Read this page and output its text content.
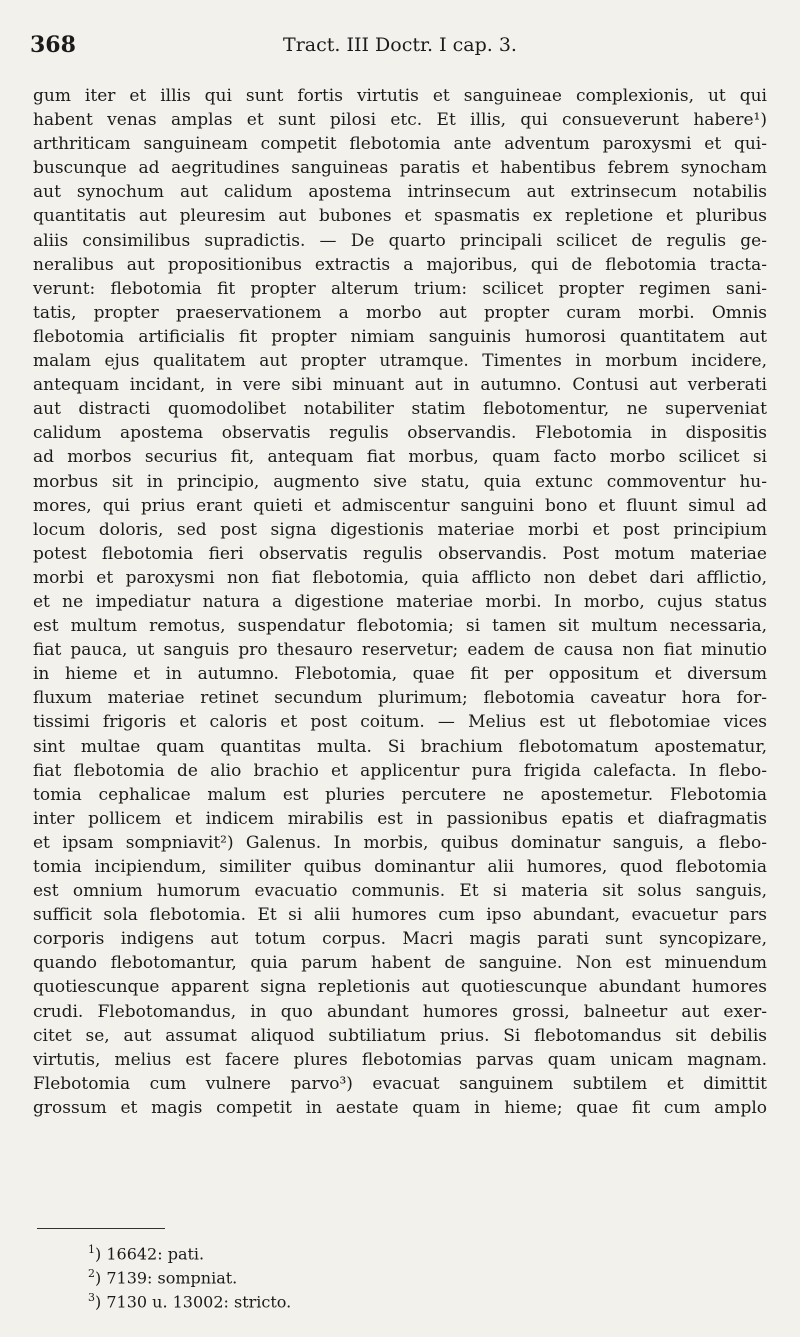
368	Tract. III Doctr. I cap. 3.
gum iter et illis qui sunt fortis virtutis et sanguineae complexionis, ut qui
habent venas amplas et sunt pilosi etc. Et illis, qui consueverunt habere¹)
arthriticam sanguineam competit flebotomia ante adventum paroxysmi et qui-
buscunque ad aegritudines sanguineas paratis et habentibus febrem synocham
aut synochum aut calidum apostema intrinsecum aut extrinsecum notabilis
quantitatis aut pleuresim aut bubones et spasmatis ex repletione et pluribus
aliis consimilibus supradictis. — De quarto principali scilicet de regulis ge-
neralibus aut propositionibus extractis a majoribus, qui de flebotomia tracta-
verunt: flebotomia fit propter alterum trium: scilicet propter regimen sani-
tatis, propter praeservationem a morbo aut propter curam morbi. Omnis
flebotomia artificialis fit propter nimiam sanguinis humorosi quantitatem aut
malam ejus qualitatem aut propter utramque. Timentes in morbum incidere,
antequam incidant, in vere sibi minuant aut in autumno. Contusi aut verberati
aut distracti quomodolibet notabiliter statim flebotomentur, ne superveniat
calidum apostema observatis regulis observandis. Flebotomia in dispositis
ad morbos securius fit, antequam fiat morbus, quam facto morbo scilicet si
morbus sit in principio, augmento sive statu, quia extunc commoventur hu-
mores, qui prius erant quieti et admiscentur sanguini bono et fluunt simul ad
locum doloris, sed post signa digestionis materiae morbi et post principium
potest flebotomia fieri observatis regulis observandis. Post motum materiae
morbi et paroxysmi non fiat flebotomia, quia afflicto non debet dari afflictio,
et ne impediatur natura a digestione materiae morbi. In morbo, cujus status
est multum remotus, suspendatur flebotomia; si tamen sit multum necessaria,
fiat pauca, ut sanguis pro thesauro reservetur; eadem de causa non fiat minutio
in hieme et in autumno. Flebotomia, quae fit per oppositum et diversum
fluxum materiae retinet secundum plurimum; flebotomia caveatur hora for-
tissimi frigoris et caloris et post coitum. — Melius est ut flebotomiae vices
sint multae quam quantitas multa. Si brachium flebotomatum apostematur,
fiat flebotomia de alio brachio et applicentur pura frigida calefacta. In flebo-
tomia cephalicae malum est pluries percutere ne apostemetur. Flebotomia
inter pollicem et indicem mirabilis est in passionibus epatis et diafragmatis
et ipsam sompniavit²) Galenus. In morbis, quibus dominatur sanguis, a flebo-
tomia incipiendum, similiter quibus dominantur alii humores, quod flebotomia
est omnium humorum evacuatio communis. Et si materia sit solus sanguis,
sufficit sola flebotomia. Et si alii humores cum ipso abundant, evacuetur pars
corporis indigens aut totum corpus. Macri magis parati sunt syncopizare,
quando flebotomantur, quia parum habent de sanguine. Non est minuendum
quotiescunque apparent signa repletionis aut quotiescunque abundant humores
crudi. Flebotomandus, in quo abundant humores grossi, balneetur aut exer-
citet se, aut assumat aliquod subtiliatum prius. Si flebotomandus sit debilis
virtutis, melius est facere plures flebotomias parvas quam unicam magnam.
Flebotomia cum vulnere parvo³) evacuat sanguinem subtilem et dimittit
grossum et magis competit in aestate quam in hieme; quae fit cum amplo
$^1$) 16642: pati.
$^2$) 7139: sompniat.
$^3$) 7130 u. 13002: stricto.
